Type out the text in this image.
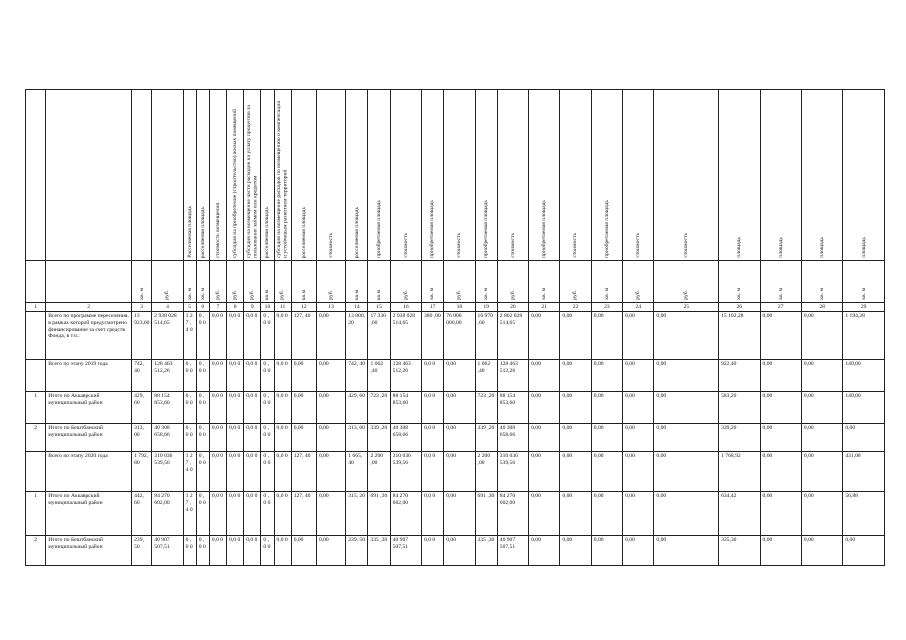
				Расселяемая площадь	расселяемая площадь	стоимость возмещения	субсидия на приобретение (строительство) жилых помещений	субсидия на возмещение части расходов на уплату процентов за пользование займом или кредитом	расселяемая площадь	субсидия на возмещение расходов по возмещению о компенсации и устойчивым развитием территорий	расселяемая площадь	стоимость	расселяемая площадь	приобретаемая площадь	стоимость	приобретаемая площадь	стоимость	приобретаемая площадь	стоимость	приобретаемая площадь	стоимость	приобретаемая площадь	стоимость	стоимость	площадь	площадь	площадь	площадь

		кв. м	руб.	кв. м	кв. м	руб.	руб.	руб.	кв.м	руб.	кв.м	руб.	кв.м	кв.м	руб.	кв. м	руб.	кв. м	руб.	кв. м	руб.	кв. м	руб.	руб.	кв. м	кв. м	кв. м	кв. м

1	2	3	4	5	6	7	8	9	10	11	12	13	14	15	16	17	18	19	20	21	22	23	24	25	26	27	28	29
	Всего по программе переселения, в рамках которой предусмотрено финансирование за счет средств Фонда, в т.ч.:	13 923,60	2 938 028 514,65	1 2 7 , 4 0	0 , 0 0	0,0 0	0,0 0	0,0 0	0 , 0 0	0,0 0	127, 40	0,00	13 800, 20	17 330 ,60	2 938 028 514,65	380 ,00	76 000 000,00	16 970 ,60	2 862 028 514,65	0,00	0,00	0,00	0,00	0,00	15 102,28	0,00	0,00	1 194,28
	Всего по этапу 2019 года	742, 40	128 463 512,26	0 , 0 0	0 , 0 0	0,0 0	0,0 0	0,0 0	0 , 0 0	0,0 0	0,00	0,00	742, 40	1 062 ,40	128 463 512,26	0,0 0	0,00	1 062 ,40	128 463 512,26	0,00	0,00	0,00	0,00	0,00	922,40	0,00	0,00	140,00
1	Итого по Аккаврский муниципальный район	429, 60	88 154 853,60	0 , 0 0	0 , 0 0	0,0 0	0,0 0	0,0 0	0 , 0 0	0,0 0	0,00	0,00	429, 60	723 ,20	88 154 853,60	0,0 0	0,00	723 ,20	88 154 853,60	0,00	0,00	0,00	0,00	0,00	583,20	0,00	0,00	140,00
2	Итого по Бештбанский муниципальный район	313, 00	40 308 658,66	0 , 0 0	0 , 0 0	0,0 0	0,0 0	0,0 0	0 , 0 0	0,0 0	0,00	0,00	313, 00	339 ,20	40 308 658,66	0,0 0	0,00	339 ,20	40 308 658,66	0,00	0,00	0,00	0,00	0,00	339,20	0,00	0,00	0,00
	Всего по этапу 2020 года	1 792, 80	310 036 539,56	1 2 7 , 4 0	0 , 0 0	0,0 0	0,0 0	0,0 0	0 , 0 0	0,0 0	127, 40	0,00	1 665, 40	2 200 ,00	310 036 539,56	0,0 0	0,00	2 200 ,00	310 036 539,56	0,00	0,00	0,00	0,00	0,00	1 768,92	0,00	0,00	431,08
1	Итого по Аккаврский муниципальный район	442, 60	84 270 602,00	1 2 7 , 4 0	0 , 0 0	0,0 0	0,0 0	0,0 0	0 , 0 0	0,0 0	127, 40	0,00	315, 20	691 ,30	84 270 602,00	0,0 0	0,00	691 ,30	84 270 602,00	0,00	0,00	0,00	0,00	0,00	634,42	0,00	0,00	56,88
2	Итого по Бештбанский муниципальный район	239, 50	40 907 507,51	0 , 0 0	0 , 0 0	0,0 0	0,0 0	0,0 0	0 , 0 0	0,0 0	0,00	0,00	239, 50	335 ,30	40 907 507,51	0,0 0	0,00	335 ,30	40 907 507,51	0,00	0,00	0,00	0,00	0,00	335,30	0,00	0,00	0,00
